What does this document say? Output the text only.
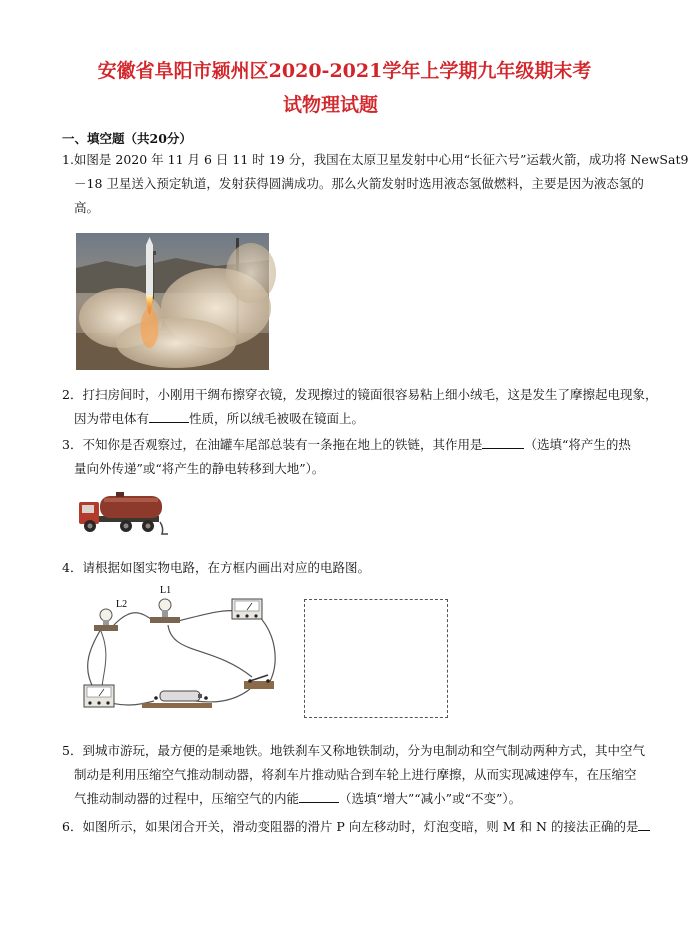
安徽省阜阳市颍州区2020-2021学年上学期九年级期末考
试物理试题
一、填空题（共20分）
1.如图是 2020 年 11 月 6 日 11 时 19 分，我国在太原卫星发射中心用“长征六号”运载火箭，成功将 NewSat9
－18 卫星送入预定轨道，发射获得圆满成功。那么火箭发射时选用液态氢做燃料，主要是因为液态氢的
高。
2．打扫房间时，小刚用干绸布擦穿衣镜，发现擦过的镜面很容易粘上细小绒毛，这是发生了摩擦起电现象，
因为带电体有	性质，所以绒毛被吸在镜面上。
3．不知你是否观察过，在油罐车尾部总装有一条拖在地上的铁链，其作用是	（选填“将产生的热
量向外传递”或“将产生的静电转移到大地”）。
4．请根据如图实物电路，在方框内画出对应的电路图。
L2
L1
5．到城市游玩，最方便的是乘地铁。地铁刹车又称地铁制动，分为电制动和空气制动两种方式，其中空气
制动是利用压缩空气推动制动器，将刹车片推动贴合到车轮上进行摩擦，从而实现减速停车，在压缩空
气推动制动器的过程中，压缩空气的内能	（选填“增大”“减小”或“不变”）。
6．如图所示，如果闭合开关，滑动变阻器的滑片 P 向左移动时，灯泡变暗，则 M 和 N 的接法正确的是
